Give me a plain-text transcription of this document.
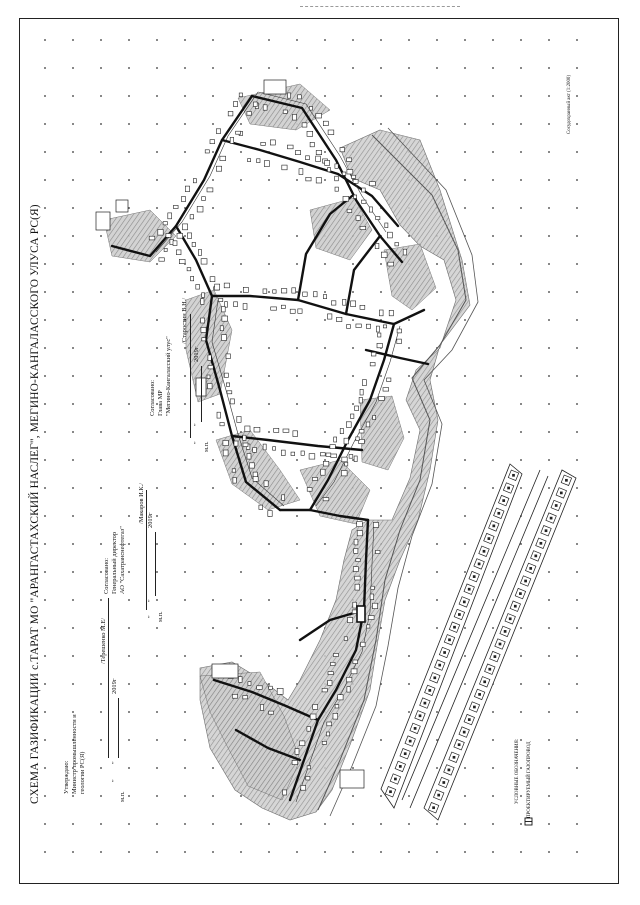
СХЕМА ГАЗИФИКАЦИИ с.ТАРАТ МО "АРАНГАСТАХСКИЙ НАСЛЕГ", МЕГИНО-КАНГАЛАССКОГО УЛУСА РС(Я)	Утверждаю: Министр промышленности и геологии РС(Я)
/Терешенко М.Е/
"
"
2019г
м.п.
Согласовано: Генеральный директор АО "Сахатранснефтегаз"
/Макаров И.К./
"
"
2019г
м.п.
Согласовано: Глава МР "Мегино-Кангаласский улус"
/Старостин В.Н./
"
"
2019г
м.п.
УСЛОВНЫЕ ОБОЗНАЧЕНИЯ: ПРОЕКТИРУЕМЫЙ ГАЗОПРОВОД
Сосудохранный акт (1:2000)
